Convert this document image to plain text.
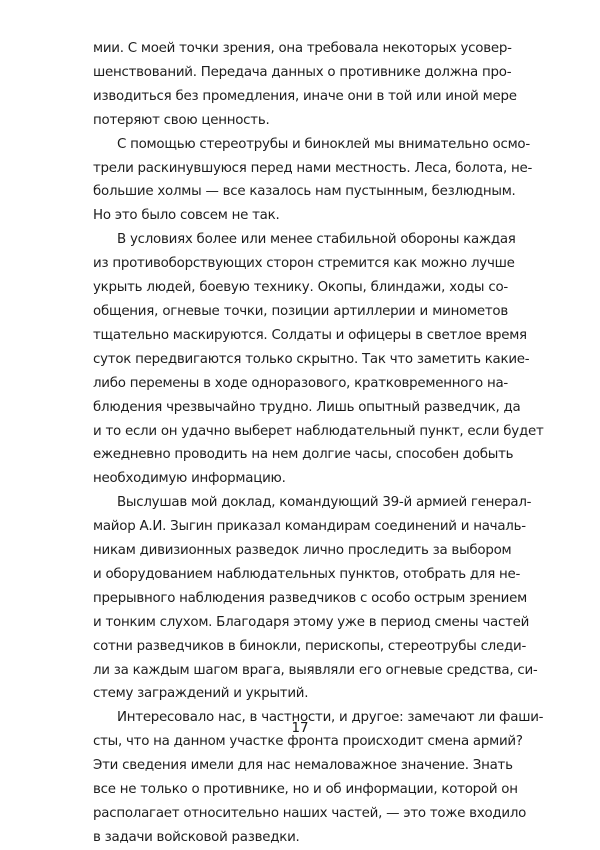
мии. С моей точки зрения, она требовала некоторых усовер-
шенствований. Передача данных о противнике должна про-
изводиться без промедления, иначе они в той или иной мере
потеряют свою ценность.
С помощью стереотрубы и биноклей мы внимательно осмо-
трели раскинувшуюся перед нами местность. Леса, болота, не-
большие холмы — все казалось нам пустынным, безлюдным.
Но это было совсем не так.
В условиях более или менее стабильной обороны каждая
из противоборствующих сторон стремится как можно лучше
укрыть людей, боевую технику. Окопы, блиндажи, ходы со-
общения, огневые точки, позиции артиллерии и минометов
тщательно маскируются. Солдаты и офицеры в светлое время
суток передвигаются только скрытно. Так что заметить какие-
либо перемены в ходе одноразового, кратковременного на-
блюдения чрезвычайно трудно. Лишь опытный разведчик, да
и то если он удачно выберет наблюдательный пункт, если будет
ежедневно проводить на нем долгие часы, способен добыть
необходимую информацию.
Выслушав мой доклад, командующий 39-й армией генерал-
майор А.И. Зыгин приказал командирам соединений и началь-
никам дивизионных разведок лично проследить за выбором
и оборудованием наблюдательных пунктов, отобрать для не-
прерывного наблюдения разведчиков с особо острым зрением
и тонким слухом. Благодаря этому уже в период смены частей
сотни разведчиков в бинокли, перископы, стереотрубы следи-
ли за каждым шагом врага, выявляли его огневые средства, си-
стему заграждений и укрытий.
Интересовало нас, в частности, и другое: замечают ли фаши-
сты, что на данном участке фронта происходит смена армий?
Эти сведения имели для нас немаловажное значение. Знать
все не только о противнике, но и об информации, которой он
располагает относительно наших частей, — это тоже входило
в задачи войсковой разведки.
17
